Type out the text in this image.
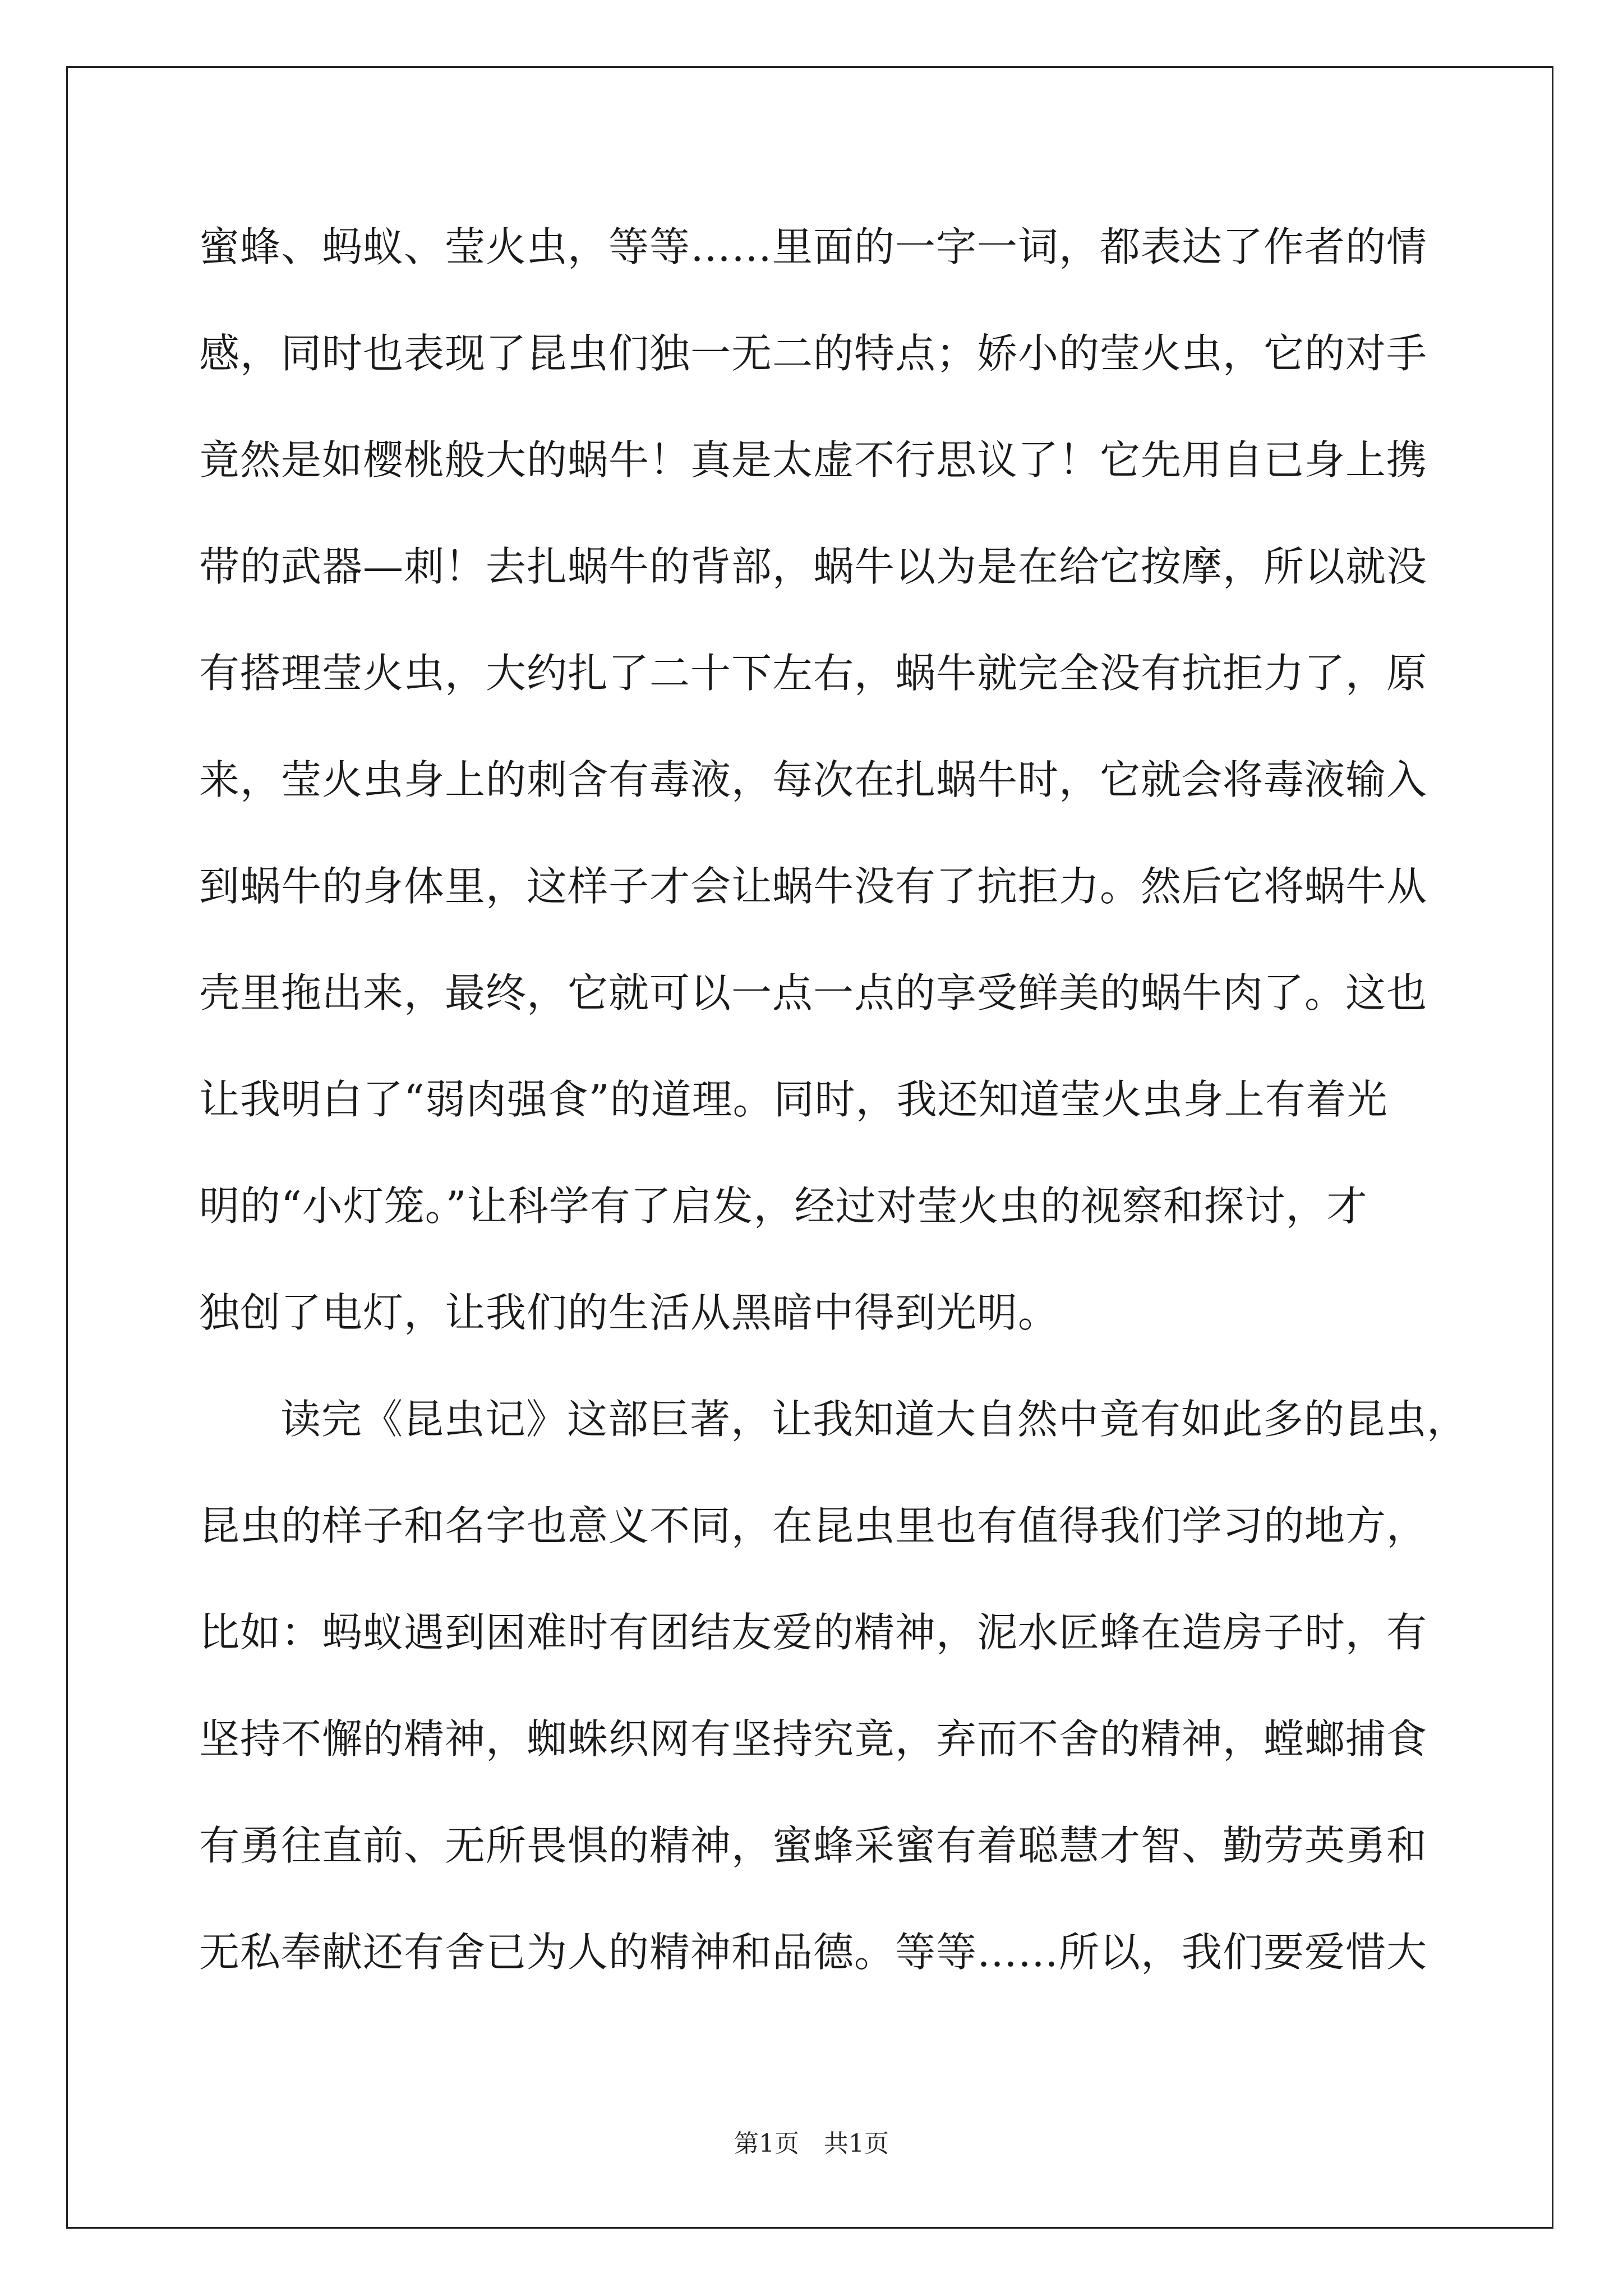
蜜蜂、蚂蚁、莹火虫，等等……里面的一字一词，都表达了作者的情
感，同时也表现了昆虫们独一无二的特点；娇小的莹火虫，它的对手
竟然是如樱桃般大的蜗牛！真是太虚不行思议了！它先用自已身上携
带的武器—刺！去扎蜗牛的背部，蜗牛以为是在给它按摩，所以就没
有搭理莹火虫，大约扎了二十下左右，蜗牛就完全没有抗拒力了，原
来，莹火虫身上的刺含有毒液，每次在扎蜗牛时，它就会将毒液输入
到蜗牛的身体里，这样子才会让蜗牛没有了抗拒力。然后它将蜗牛从
壳里拖出来，最终，它就可以一点一点的享受鲜美的蜗牛肉了。这也
让我明白了“弱肉强食”的道理。同时，我还知道莹火虫身上有着光
明的“小灯笼。”让科学有了启发，经过对莹火虫的视察和探讨，才
独创了电灯，让我们的生活从黑暗中得到光明。
读完《昆虫记》这部巨著，让我知道大自然中竟有如此多的昆虫，
昆虫的样子和名字也意义不同，在昆虫里也有值得我们学习的地方，
比如：蚂蚁遇到困难时有团结友爱的精神，泥水匠蜂在造房子时，有
坚持不懈的精神，蜘蛛织网有坚持究竟，弃而不舍的精神，螳螂捕食
有勇往直前、无所畏惧的精神，蜜蜂采蜜有着聪慧才智、勤劳英勇和
无私奉献还有舍已为人的精神和品德。等等……所以，我们要爱惜大
第1页　共1页
